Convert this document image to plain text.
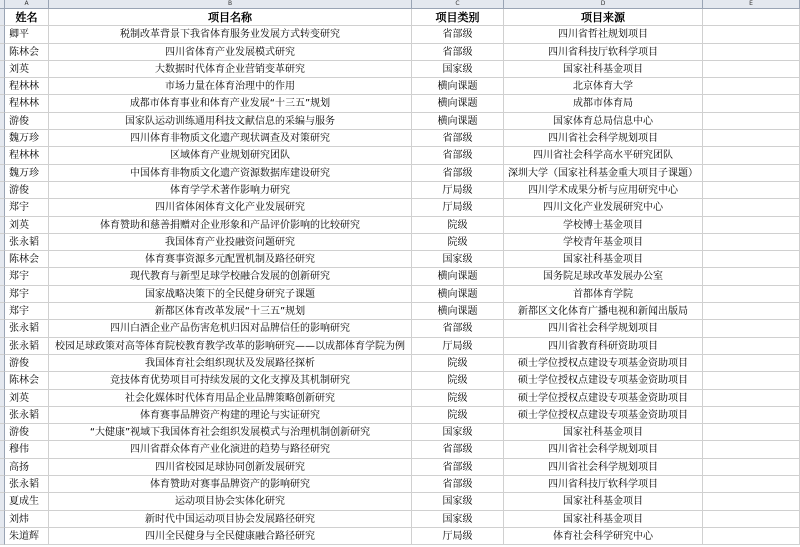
A	B	C	D	E
姓名	项目名称	项目类别	项目来源
卿平	税制改革背景下我省体育服务业发展方式转变研究	省部级	四川省哲社规划项目
陈林会	四川省体育产业发展模式研究	省部级	四川省科技厅软科学项目
刘英	大数据时代体育企业营销变革研究	国家级	国家社科基金项目
程林林	市场力量在体育治理中的作用	横向课题	北京体育大学
程林林	成都市体育事业和体育产业发展“十三五”规划	横向课题	成都市体育局
游俊	国家队运动训练通用科技文献信息的采编与服务	横向课题	国家体育总局信息中心
魏万珍	四川体育非物质文化遗产现状调查及对策研究	省部级	四川省社会科学规划项目
程林林	区域体育产业规划研究团队	省部级	四川省社会科学高水平研究团队
魏万珍	中国体育非物质文化遗产资源数据库建设研究	省部级	深圳大学（国家社科基金重大项目子课题）
游俊	体育学学术著作影响力研究	厅局级	四川学术成果分析与应用研究中心
郑宇	四川省体闲体育文化产业发展研究	厅局级	四川文化产业发展研究中心
刘英	体育赞助和慈善捐赠对企业形象和产品评价影响的比较研究	院级	学校博士基金项目
张永韬	我国体育产业投融资问题研究	院级	学校青年基金项目
陈林会	体育赛事资源多元配置机制及路径研究	国家级	国家社科基金项目
郑宇	现代教育与新型足球学校融合发展的创新研究	横向课题	国务院足球改革发展办公室
郑宇	国家战略决策下的全民健身研究子课题	横向课题	首都体育学院
郑宇	新都区体育改革发展“十三五”规划	横向课题	新都区文化体育广播电视和新闻出版局
张永韬	四川白酒企业产品伤害危机归因对品牌信任的影响研究	省部级	四川省社会科学规划项目
张永韬	校园足球政策对高等体育院校教育教学改革的影响研究——以成都体育学院为例	厅局级	四川省教育科研资助项目
游俊	我国体育社会组织现状及发展路径探析	院级	硕士学位授权点建设专项基金资助项目
陈林会	竞技体育优势项目可持续发展的文化支撑及其机制研究	院级	硕士学位授权点建设专项基金资助项目
刘英	社会化媒体时代体育用品企业品牌策略创新研究	院级	硕士学位授权点建设专项基金资助项目
张永韬	体育赛事品牌资产构建的理论与实证研究	院级	硕士学位授权点建设专项基金资助项目
游俊	“大健康”视域下我国体育社会组织发展模式与治理机制创新研究	国家级	国家社科基金项目
穆伟	四川省群众体育产业化演进的趋势与路径研究	省部级	四川省社会科学规划项目
高扬	四川省校园足球协同创新发展研究	省部级	四川省社会科学规划项目
张永韬	体育赞助对赛事品牌资产的影响研究	省部级	四川省科技厅软科学项目
夏成生	运动项目协会实体化研究	国家级	国家社科基金项目
刘炜	新时代中国运动项目协会发展路径研究	国家级	国家社科基金项目
朱道辉	四川全民健身与全民健康融合路径研究	厅局级	体育社会科学研究中心
